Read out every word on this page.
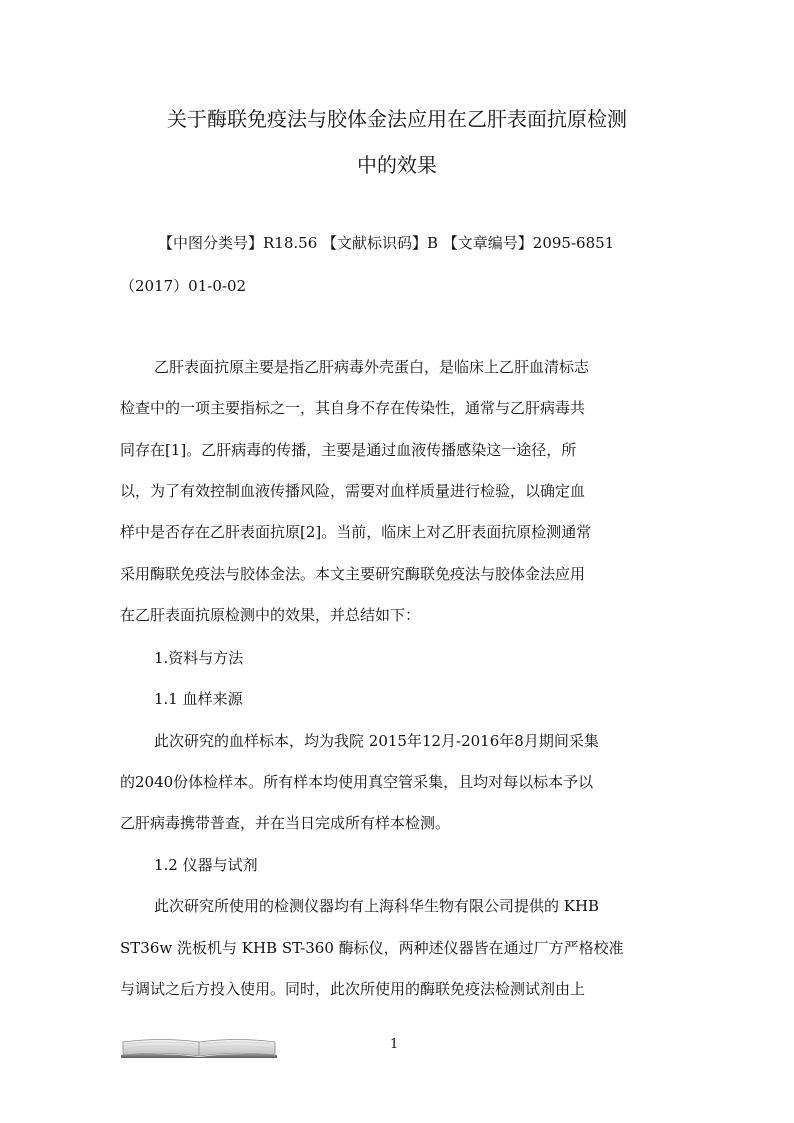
关于酶联免疫法与胶体金法应用在乙肝表面抗原检测
中的效果
【中图分类号】R18.56 【文献标识码】B 【文章编号】2095-6851
（2017）01-0-02
乙肝表面抗原主要是指乙肝病毒外壳蛋白，是临床上乙肝血清标志
检查中的一项主要指标之一，其自身不存在传染性，通常与乙肝病毒共
同存在[1]。乙肝病毒的传播，主要是通过血液传播感染这一途径，所
以，为了有效控制血液传播风险，需要对血样质量进行检验，以确定血
样中是否存在乙肝表面抗原[2]。当前，临床上对乙肝表面抗原检测通常
采用酶联免疫法与胶体金法。本文主要研究酶联免疫法与胶体金法应用
在乙肝表面抗原检测中的效果，并总结如下：
1.资料与方法
1.1 血样来源
此次研究的血样标本，均为我院 2015年12月-2016年8月期间采集
的2040份体检样本。所有样本均使用真空管采集，且均对每以标本予以
乙肝病毒携带普查，并在当日完成所有样本检测。
1.2 仪器与试剂
此次研究所使用的检测仪器均有上海科华生物有限公司提供的 KHB
ST36w 洗板机与 KHB ST-360 酶标仪，两种述仪器皆在通过厂方严格校准
与调试之后方投入使用。同时，此次所使用的酶联免疫法检测试剂由上
1
